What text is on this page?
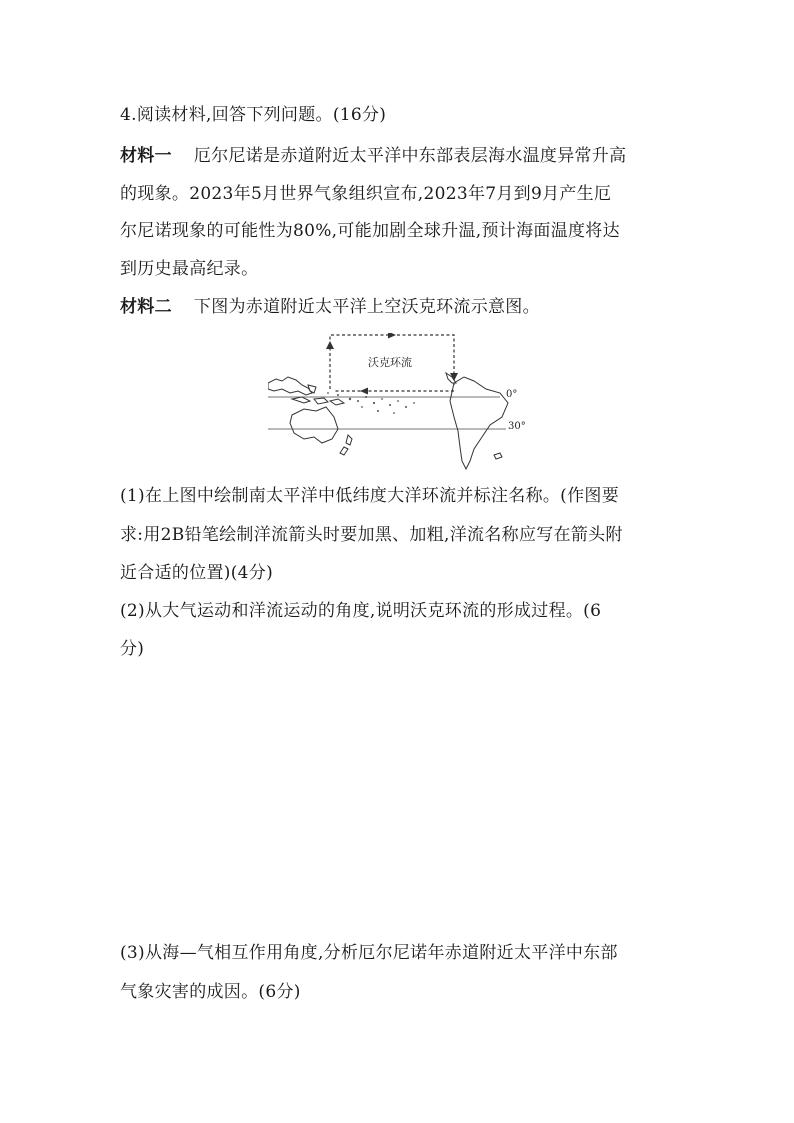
4.阅读材料,回答下列问题。(16分)
材料一 厄尔尼诺是赤道附近太平洋中东部表层海水温度异常升高
的现象。2023年5月世界气象组织宣布,2023年7月到9月产生厄
尔尼诺现象的可能性为80%,可能加剧全球升温,预计海面温度将达
到历史最高纪录。
材料二 下图为赤道附近太平洋上空沃克环流示意图。
沃克环流
0°
30°
(1)在上图中绘制南太平洋中低纬度大洋环流并标注名称。(作图要
求:用2B铅笔绘制洋流箭头时要加黑、加粗,洋流名称应写在箭头附
近合适的位置)(4分)
(2)从大气运动和洋流运动的角度,说明沃克环流的形成过程。(6
分)
(3)从海—气相互作用角度,分析厄尔尼诺年赤道附近太平洋中东部
气象灾害的成因。(6分)
